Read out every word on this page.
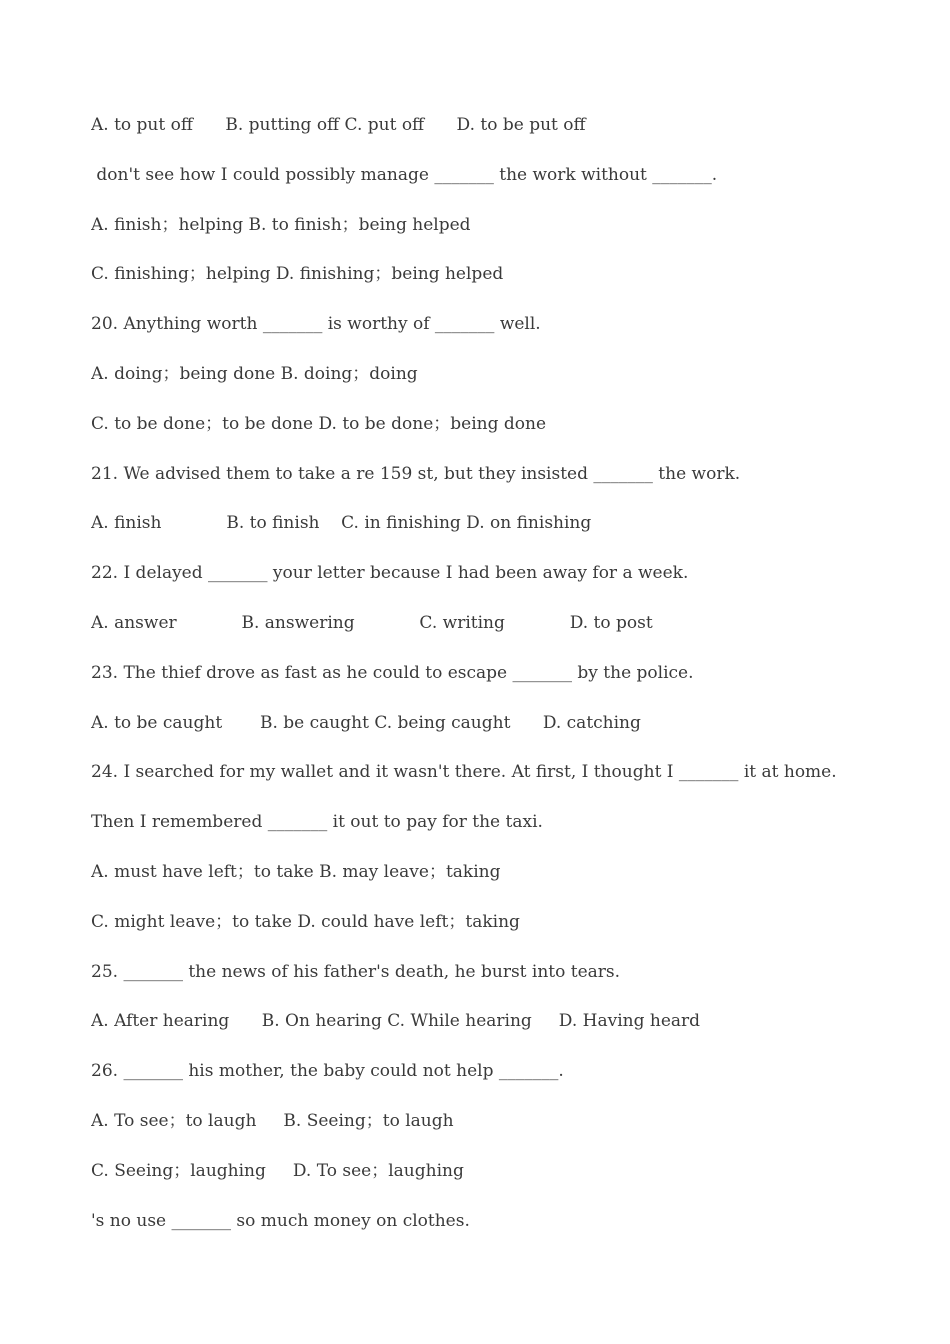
A. to put off      B. putting off C. put off      D. to be put off
don't see how I could possibly manage _______ the work without _______.
A. finish；helping B. to finish；being helped
C. finishing；helping D. finishing；being helped
20. Anything worth _______ is worthy of _______ well.
A. doing；being done B. doing；doing
C. to be done；to be done D. to be done；being done
21. We advised them to take a re 159 st, but they insisted _______ the work.
A. finish            B. to finish    C. in finishing D. on finishing
22. I delayed _______ your letter because I had been away for a week.
A. answer            B. answering            C. writing            D. to post
23. The thief drove as fast as he could to escape _______ by the police.
A. to be caught       B. be caught C. being caught      D. catching
24. I searched for my wallet and it wasn't there. At first, I thought I _______ it at home.
Then I remembered _______ it out to pay for the taxi.
A. must have left；to take B. may leave；taking
C. might leave；to take D. could have left；taking
25. _______ the news of his father's death, he burst into tears.
A. After hearing      B. On hearing C. While hearing     D. Having heard
26. _______ his mother, the baby could not help _______.
A. To see；to laugh     B. Seeing；to laugh
C. Seeing；laughing     D. To see；laughing
's no use _______ so much money on clothes.
